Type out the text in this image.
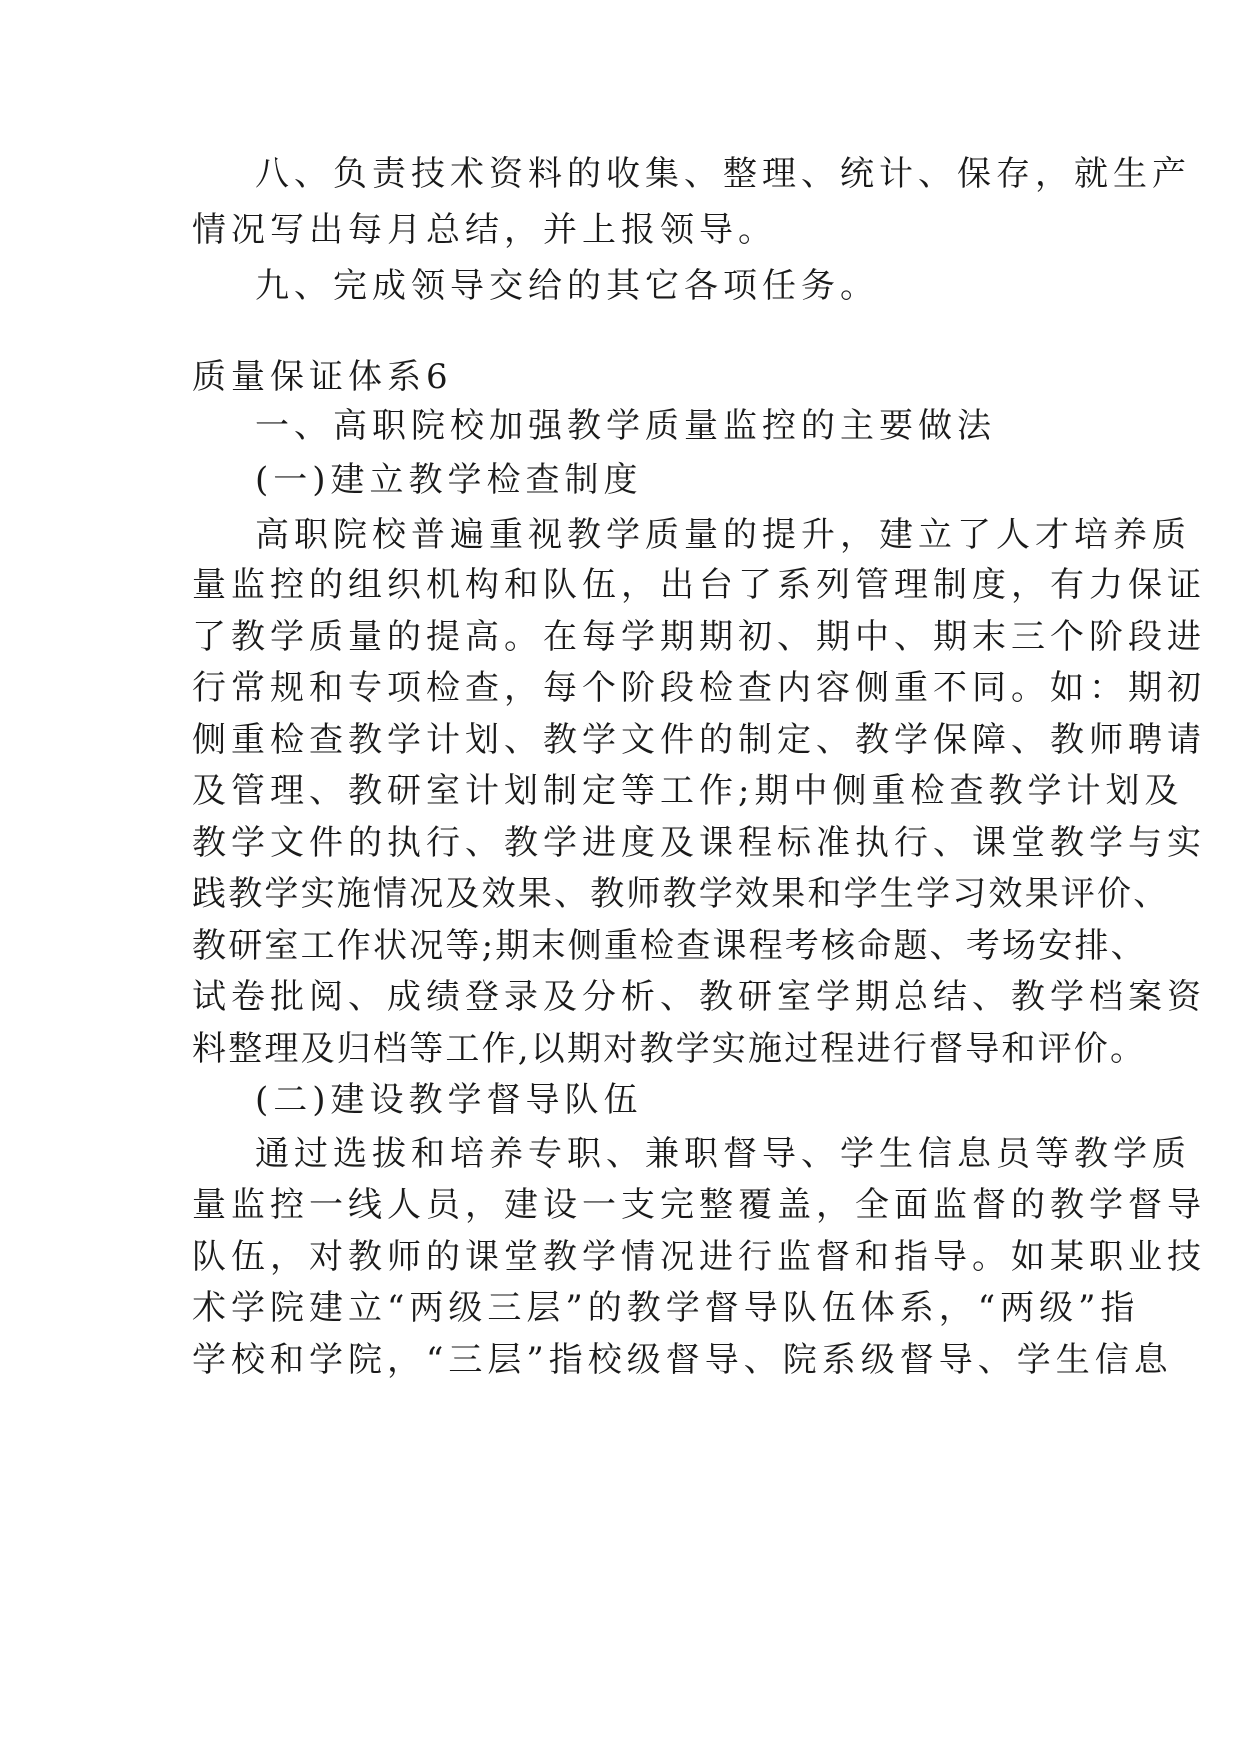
八、负责技术资料的收集、整理、统计、保存，就生产
情况写出每月总结，并上报领导。
九、完成领导交给的其它各项任务。
质量保证体系6
一、高职院校加强教学质量监控的主要做法
(一)建立教学检查制度
高职院校普遍重视教学质量的提升，建立了人才培养质
量监控的组织机构和队伍，出台了系列管理制度，有力保证
了教学质量的提高。在每学期期初、期中、期末三个阶段进
行常规和专项检查，每个阶段检查内容侧重不同。如：期初
侧重检查教学计划、教学文件的制定、教学保障、教师聘请
及管理、教研室计划制定等工作;期中侧重检查教学计划及
教学文件的执行、教学进度及课程标准执行、课堂教学与实
践教学实施情况及效果、教师教学效果和学生学习效果评价、
教研室工作状况等;期末侧重检查课程考核命题、考场安排、
试卷批阅、成绩登录及分析、教研室学期总结、教学档案资
料整理及归档等工作,以期对教学实施过程进行督导和评价。
(二)建设教学督导队伍
通过选拔和培养专职、兼职督导、学生信息员等教学质
量监控一线人员，建设一支完整覆盖，全面监督的教学督导
队伍，对教师的课堂教学情况进行监督和指导。如某职业技
术学院建立“两级三层”的教学督导队伍体系，“两级”指
学校和学院，“三层”指校级督导、院系级督导、学生信息
